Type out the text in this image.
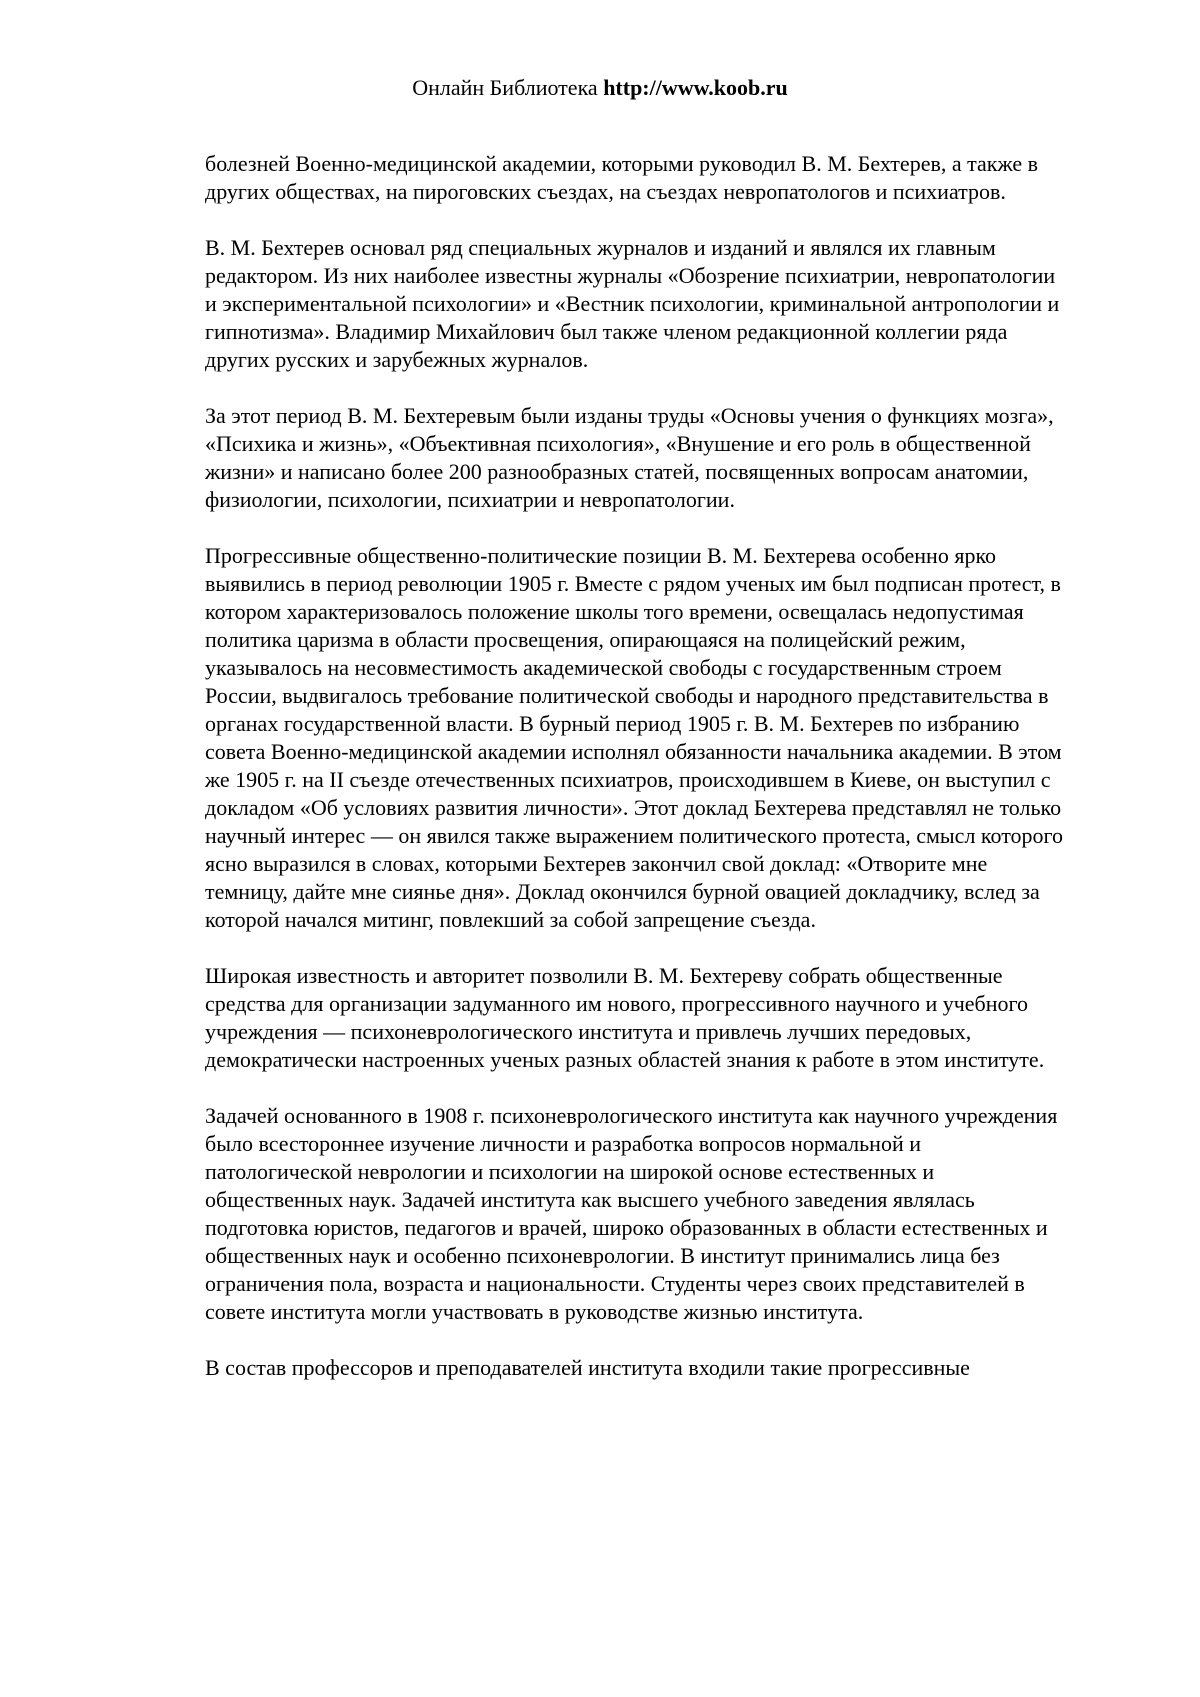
Онлайн Библиотека http://www.koob.ru

болезней Военно-медицинской академии, которыми руководил В. М. Бехтерев, а также в других обществах, на пироговских съездах, на съездах невропатологов и психиатров.

В. М. Бехтерев основал ряд специальных журналов и изданий и являлся их главным редактором. Из них наиболее известны журналы «Обозрение психиатрии, невропатологии и экспериментальной психологии» и «Вестник психологии, криминальной антропологии и гипнотизма». Владимир Михайлович был также членом редакционной коллегии ряда других русских и зарубежных журналов.

За этот период В. М. Бехтеревым были изданы труды «Основы учения о функциях мозга», «Психика и жизнь», «Объективная психология», «Внушение и его роль в общественной жизни» и написано более 200 разнообразных статей, посвященных вопросам анатомии, физиологии, психологии, психиатрии и невропатологии.

Прогрессивные общественно-политические позиции В. М. Бехтерева особенно ярко выявились в период революции 1905 г. Вместе с рядом ученых им был подписан протест, в котором характеризовалось положение школы того времени, освещалась недопустимая политика царизма в области просвещения, опирающаяся на полицейский режим, указывалось на несовместимость академической свободы с государственным строем России, выдвигалось требование политической свободы и народного представительства в органах государственной власти. В бурный период 1905 г. В. М. Бехтерев по избранию совета Военно-медицинской академии исполнял обязанности начальника академии. В этом же 1905 г. на II съезде отечественных психиатров, происходившем в Киеве, он выступил с докладом «Об условиях развития личности». Этот доклад Бехтерева представлял не только научный интерес — он явился также выражением политического протеста, смысл которого ясно выразился в словах, которыми Бехтерев закончил свой доклад: «Отворите мне темницу, дайте мне сиянье дня». Доклад окончился бурной овацией докладчику, вслед за которой начался митинг, повлекший за собой запрещение съезда.

Широкая известность и авторитет позволили В. М. Бехтереву собрать общественные средства для организации задуманного им нового, прогрессивного научного и учебного учреждения — психоневрологического института и привлечь лучших передовых, демократически настроенных ученых разных областей знания к работе в этом институте.

Задачей основанного в 1908 г. психоневрологического института как научного учреждения было всестороннее изучение личности и разработка вопросов нормальной и патологической неврологии и психологии на широкой основе естественных и общественных наук. Задачей института как высшего учебного заведения являлась подготовка юристов, педагогов и врачей, широко образованных в области естественных и общественных наук и особенно психоневрологии. В институт принимались лица без ограничения пола, возраста и национальности. Студенты через своих представителей в совете института могли участвовать в руководстве жизнью института.

В состав профессоров и преподавателей института входили такие прогрессивные
